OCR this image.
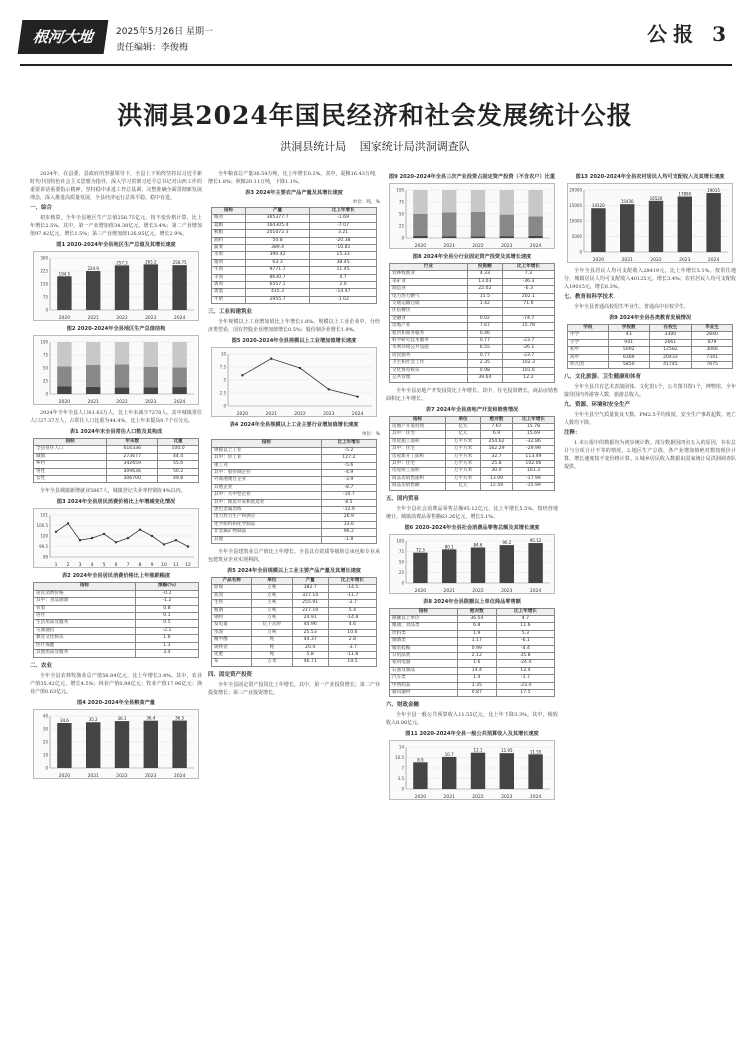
根河大地	2025年5月26日 星期一
责任编辑：李俊梅
公报 3
洪洞县2024年国民经济和社会发展统计公报
洪洞县统计局 国家统计局洪洞调查队

2024年，在县委、县政府的坚强领导下，全县上下始终坚持以习近平新时代中国特色社会主义思想为指导，深入学习贯彻习近平总书记对山西工作的重要讲话重要指示精神，坚持稳中求进工作总基调，完整准确全面贯彻新发展理念，深入推进高质量发展，全县经济运行总体平稳、稳中有进。

一、综合

初步核算，全年全县地区生产总值258.75亿元，按不变价格计算，比上年增长2.5%。其中，第一产业增加值34.38亿元，增长3.4%；第二产业增加值97.42亿元，增长1.5%；第三产业增加值126.95亿元，增长2.9%。

图1 2020-2024年全县地区生产总值及其增长速度

0
75
150
225
300
2020	2021	2022	2023	2024
194.5
224.9
257.3	263.2	258.75

图2 2020-2024年全县地区生产总值结构

0
25
50
75
100
2020	2021	2022	2023	2024

2024年全年全县人口61.63万人，比上年末减少7278人。其中城镇常住人口27.37万人，占常住人口比重为44.4%，比上年末提高0.7个百分点。

表1 2024年末全县常住人口数及其构成

指标	年末数	比重
全县常住人口	616336	100.0
城镇	273677	44.4
乡村	342659	55.6
男性	309636	50.2
女性	306700	49.8

全年全县城镇新增就业5867人，城镇登记失业率控制在4%以内。

图3 2024年全县居民消费价格比上年增减变化情况

99
99.5
100
100.5
101
1 2 3 4 5 6 7 8 9 10 11 12

表2 2024年全县居民消费价格比上年涨跌幅度

指标	涨幅(%)
居民消费价格	-0.2
其中：食品烟酒	-1.2
衣着	0.8
居住	0.1
生活用品及服务	0.5
交通通信	-2.1
教育文化娱乐	1.6
医疗保健	1.3
其他用品及服务	3.4

二、农业

全年全县农林牧渔业总产值56.84亿元，比上年增长3.4%。其中，农业产值35.42亿元，增长4.5%；林业产值0.98亿元；牧业产值17.96亿元；渔业产值0.63亿元。

图4 2020-2024年全县粮食产量

0
10
20
30
40
2020	2021	2022	2023	2024
34.6	35.2	36.1	36.4	36.5

全年粮食总产量36.54万吨，比上年增长0.2%。其中，夏粮16.43万吨，增长1.8%；秋粮20.11万吨，下降1.1%。

表3 2024年主要农产品产量及其增长速度

单位：吨，%

指标	产量	比上年增长
粮食	365377.7	-1.69
夏粮	164305.4	-7.07
秋粮	201072.3	3.21
油料	50.8	-20.38
蔬菜	389.4	-10.81
水果	390.42	15.33
猪肉	63.3	38.45
牛肉	9771.7	11.45
羊肉	8630.7	4.7
禽肉	6557.1	2.0
禽蛋	415.3	-14.47
牛奶	2955.7	-1.02

三、工业和建筑业

全年规模以上工业增加值比上年增长1.8%。规模以上工业企业中，分经济类型看，国有控股企业增加值增长0.5%；股份制企业增长1.9%。

图5 2020-2024年全县规模以上工业增加值增长速度

0
2.5
5
7.5
10
2020	2021	2022	2023	2024

表4 2024年全县规模以上工业主要行业增加值增长速度

单位：%

指标	比上年增长
规模以上工业	-5.2
其中：轻工业	127.2
重工业	-5.6
其中：股份制企业	-4.9
外商港澳台企业	-3.9
其他企业	-8.7
其中：大中型企业	-10.7
其中：煤炭开采和洗选业	8.5
黑色金属冶炼	-12.9
电力热力生产和供应	26.9
化学原料和化学制品	33.6
非金属矿物制品	96.2
其他	-1.8

全年全县建筑业总产值比上年增长。全县具有资质等级的总承包和专业承包建筑业企业实现利润。

表5 2024年全县规模以上工业主要产品产量及其增长速度

产品名称	单位	产量	比上年增长
原煤	万吨	382.7	-14.5
焦炭	万吨	327.14	-11.7
生铁	万吨	255.91	-2.7
粗钢	万吨	217.19	5.4
钢材	万吨	24.91	-14.8
发电量	亿千瓦时	44.96	4.6
水泥	万吨	25.53	10.6
精甲醇	吨	44.37	2.8
铸铁管	吨	20.4	-3.7
化肥	吨	5.8	-11.8
布	万米	46.71	19.5

四、固定资产投资

全年全县固定资产投资比上年增长。其中，第一产业投资增长；第二产业投资增长；第三产业投资增长。

图9 2020-2024年全县三次产业投资占固定资产投资（不含农户）比重

0
25
50
75
100
2020	2021	2022	2023	2024

图8 2024年全县分行业固定资产投资及其增长速度

行业	投资额	比上年增长
农林牧渔业	4.33	7.3
采矿业	13.03	-36.3
制造业	22.02	-6.3
电力热力燃气	11.5	202.1
交通运输仓储	1.42	71.6
住宿餐饮		
金融业	0.02	-74.7
房地产业	7.67	15.78
租赁和商务服务	0.46	
科学研究技术服务	0.77	-23.7
水利环境公共设施	6.55	-26.1
居民服务	0.77	-23.7
卫生和社会工作	2.35	102.3
文化体育娱乐	0.98	101.6
公共管理	39.64	12.2

全年全县房地产开发投资比上年增长。其中，住宅投资增长。商品房销售面积比上年增长。

表7 2024年全县房地产开发和销售情况

指标	单位	绝对数	比上年增长
房地产开发投资	亿元	7.67	15.78
其中：住宅	亿元	6.9	15.69
房屋施工面积	万平方米	254.62	-32.86
其中：住宅	万平方米	162.29	-29.99
房屋新开工面积	万平方米	32.7	113.49
其中：住宅	万平方米	25.8	102.06
房屋竣工面积	万平方米	30.0	101.3
商品房销售面积	万平方米	13.09	-17.99
商品房销售额	亿元	12.59	-15.99

五、国内贸易

全年全县社会消费品零售总额95.12亿元，比上年增长5.5%。按经营地统计，城镇消费品零售额63.26亿元，增长5.1%。

图6 2020-2024年全县社会消费品零售总额及其增长速度

0
25
50
75
100
2020	2021	2022	2023	2024
72.3
80.1	84.6	90.2	95.12

表8 2024年全县限额以上单位商品零售额

指标	绝对数	比上年增长
限额以上单位	36.54	4.7
粮油、食品类	6.8	11.6
饮料类	1.9	5.3
烟酒类	1.17	-6.1
服装鞋帽	0.99	-4.4
日用品类	2.12	35.8
家用电器	1.6	-24.4
石油及制品	14.4	12.4
汽车类	1.4	-1.7
中西药品	1.35	-23.4
通讯器材	0.87	17.5

六、财政金融

全年全县一般公共预算收入11.55亿元，比上年下降3.3%。其中，税收收入8.06亿元。

图11 2020-2024年全县一般公共预算收入及其增长速度

0
3.5
7
10.5
14
2020	2021	2022	2023	2024
8.9
10.7
12.1	11.95	11.55

图13 2020-2024年全县农村居民人均可支配收入及其增长速度

0
5000
10000
15000
20000
2020	2021	2022	2023	2024
14120
15430
16520
17890
19015

全年全县居民人均可支配收入28419元，比上年增长5.1%。按常住地分，城镇居民人均可支配收入40125元，增长3.4%；农村居民人均可支配收入19015元，增长6.3%。

七、教育和科学技术

全年全县普通高校招生毕业生。普通高中在校学生。

表9 2024年全县各类教育发展情况

学段	学校数	在校生	毕业生
中学	43	3300	2840
小学	941	2661	879
初中	5092	12582	3066
高中	6369	20433	7341
幼儿园	5850	41745	7875

八、文化旅游、卫生健康和体育

全年全县共有艺术表演团体，文化馆1个，公共图书馆1个，博物馆。全年接待国内外游客人数，旅游总收入。

九、资源、环境和安全生产

全年全县空气质量优良天数。PM2.5平均浓度。安全生产事故起数、死亡人数均下降。

注释：

1.本公报中的数据均为初步统计数。部分数据因四舍五入的原因，存在总计与分项合计不等的情况。2.地区生产总值、各产业增加值绝对数按现价计算，增长速度按不变价格计算。3.城乡居民收入数据由国家统计局洪洞调查队提供。
